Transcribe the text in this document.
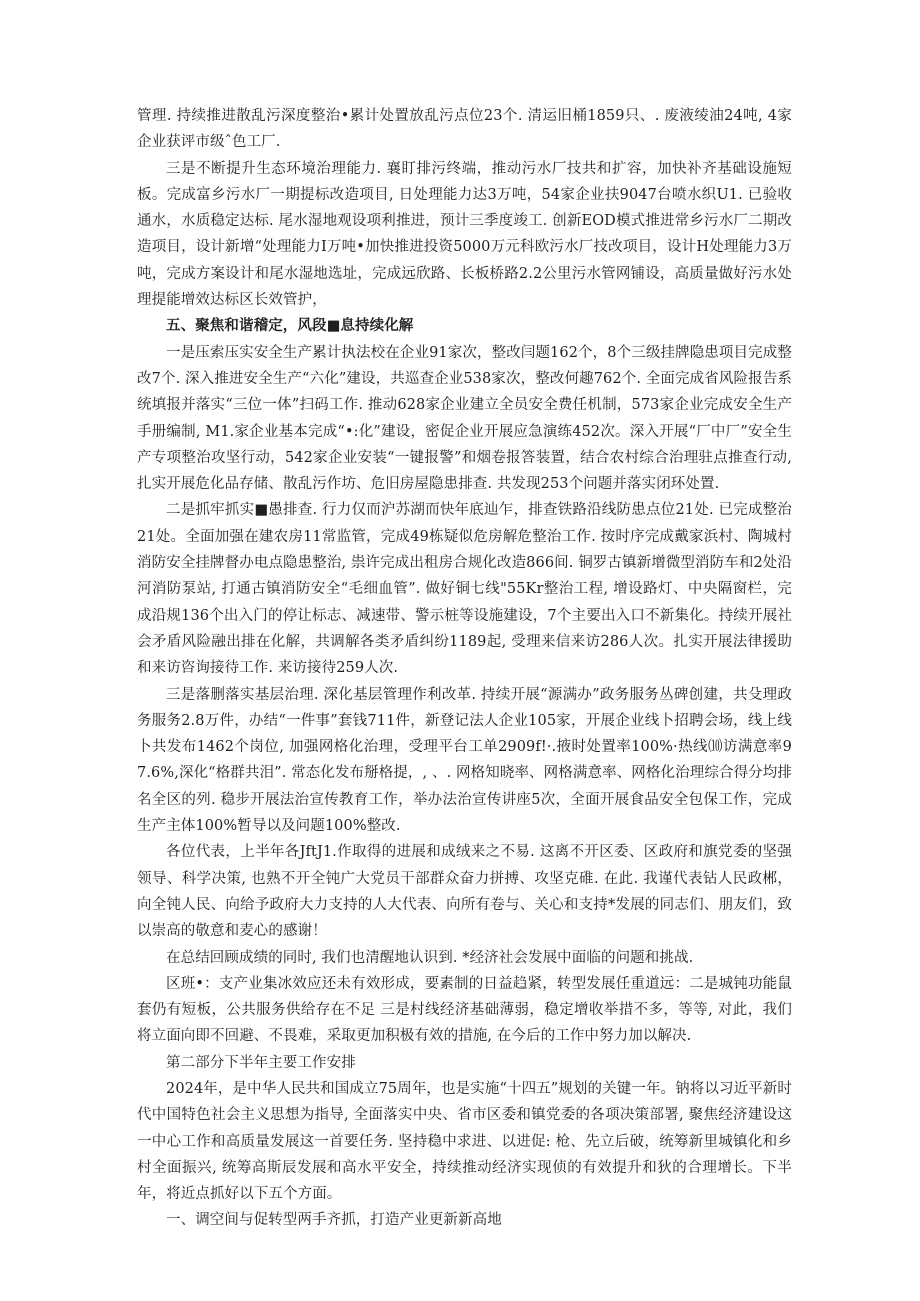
管理. 持续推进散乱污深度整治•累计处置放乱污点位23个. 清运旧桶1859只、. 废液绫油24吨, 4家企业获评市级ˆ色工厂.

三是不断提升生态环境治理能力. 襄盯排污终端，推动污水厂技共和扩容，加快补齐基础设施短板。完成富乡污水厂一期提标改造项目, 日处理能力达3万吨，54家企业扶9047台喷水织U1. 已验收通水，水质稳定达标. 尾水湿地观设项利推进，预计三季度竣工. 创新EOD模式推进常乡污水厂二期改造项目，设计新增“处理能力I万吨•加快推进投资5000万元科欧污水厂技改项目，设计H处理能力3万吨，完成方案设计和尾水湿地选址，完成远欣路、长板桥路2.2公里污水管网铺设，高质量做好污水处理提能增效达标区长效管护，

五、聚焦和谐稽定，风段■息持续化解

一是压索压实安全生产累计执法校在企业91家次，整改闫题162个，8个三级挂牌隐患项目完成整改7个. 深入推进安全生产“六化”建设，共巡查企业538家次，整改何趣762个. 全面完成省风险报告系统填报并落实“三位一体”扫码工作. 推动628家企业建立全员安全费任机制，573家企业完成安全生产手册编制, M1.家企业基本完成“•:化”建设，密促企业开展应急演练452次。深入开展“厂中厂”安全生产专项整治攻坚行动，542家企业安装“一键报警”和烟卷报答装置，结合农村综合治理驻点推查行动, 扎实开展危化品存储、散乱污作坊、危旧房屋隐患排查. 共发现253个问题并落实闭环处置.

二是抓牢抓实■愚排查. 行力仅而沪苏湖而快年底辿乍，排查铁路沿线防患点位21处. 已完成整治21处。全面加强在建农房11常监管，完成49栋疑似危房解危整治工作. 按时序完成戴家浜村、陶城村消防安全挂牌督办电点隐患整治, 祟许完成出租房合规化改造866间. 铜罗古镇新增微型消防车和2处沿河消防泵站, 打通古镇消防安全“毛细血管”. 做好铜七线"55Kr整治工程, 增设路灯、中央隔窗栏，完成沿规136个出入门的停让标志、减速带、警示桩等设施建设，7个主要出入口不新集化。持续开展社会矛盾风险融出排在化解，共调解各类矛盾纠纷1189起, 受理来信来访286人次。扎实开展法律援助和来访咨询接待工作. 来访接待259人次.

三是落删落实基层治理. 深化基层管理作利改革. 持续开展“源满办”政务服务丛碑创建，共殳理政务服务2.8万件，办结“一件事”套钱711件，新登记法人企业105家，开展企业线卜招聘会场，线上线卜共发布1462个岗位, 加强网格化治理，受理平台工单2909f!·.掖时处置率100%·热线⑽访满意率97.6%,深化“格群共泪”. 常态化发布掰格提，, 、. 网格知晓率、网格满意率、网格化治理综合得分均排名全区的列. 稳步开展法治宣传教育工作，举办法治宣传讲座5次，全面开展食品安全包保工作，完成生产主体100%暂导以及问题100%整改.

各位代表，上半年各JftJ1.作取得的进展和成绒来之不易. 这离不开区委、区政府和旗党委的坚强领导、科学决策, 也熟不开全钝广大党员干部群众奋力拼搏、攻坚克碓. 在此. 我谨代表钻人民政郴，向全钝人民、向给予政府大力支持的人大代表、向所有卷与、关心和支持*发展的同志们、朋友们，致以崇高的敬意和麦心的感谢！

在总结回顾成绩的同时, 我们也清醒地认识到. *经济社会发展中面临的问题和挑战.

区班•：支产业集冰效应还未有效形成，要素制的日益趋紧，转型发展任重道远：二是城钝功能鼠套仍有短板，公共服务供给存在不足 三是村线经济基础薄弱，稳定增收举措不多，等等, 对此，我们将立面向即不回避、不畏难，采取更加积极有效的措施, 在今后的工作中努力加以解决.

第二部分下半年主要工作安排

2024年，是中华人民共和国成立75周年，也是实施“十四五”规划的关键一年。钠将以习近平新时代中国特色社会主义思想为指导, 全面落实中央、省市区委和镇党委的各项决策部署, 聚焦经济建设这一中心工作和高质量发展这一首要任务. 坚持稳中求进、以进促: 枪、先立后破，统筹新里城镇化和乡村全面振兴, 统筹高斯辰发展和高水平安全，持续推动经济实现侦的有效提升和狄的合理增长。下半年，将近点抓好以下五个方面。

一、调空间与促转型两手齐抓，打造产业更新新高地
